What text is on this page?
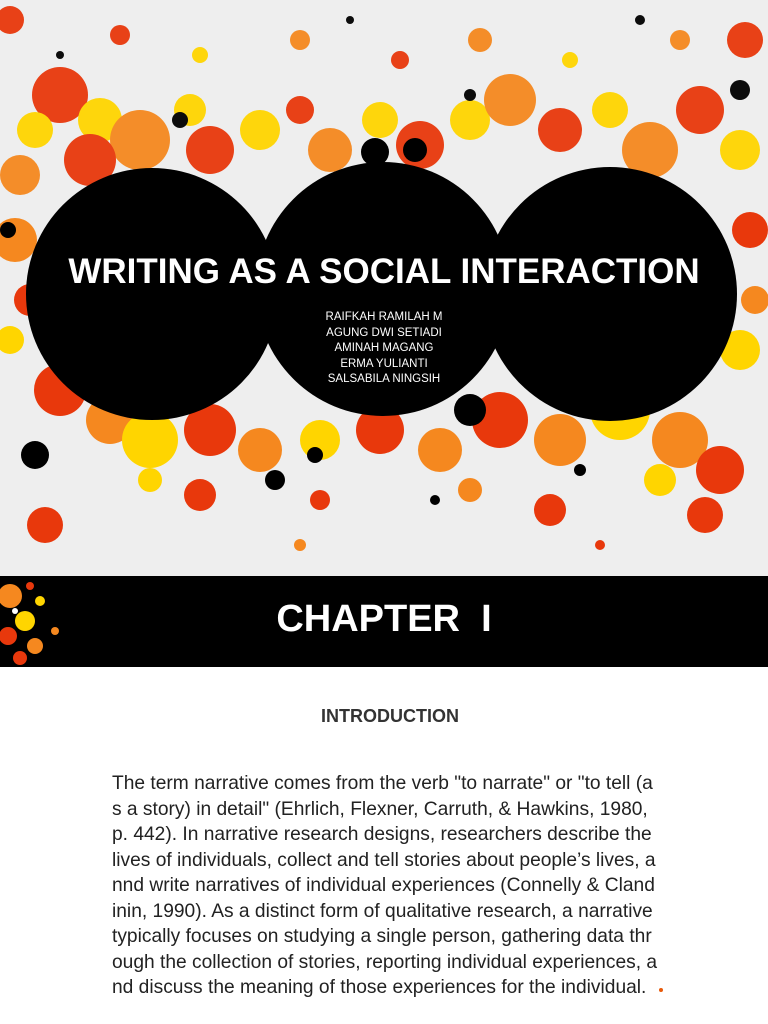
WRITING AS A SOCIAL INTERACTION
RAIFKAH RAMILAH M
AGUNG DWI SETIADI
AMINAH MAGANG
ERMA YULIANTI
SALSABILA NINGSIH
CHAPTER  I
INTRODUCTION
The term narrative comes from the verb "to narrate" or "to tell (a
s a story) in detail" (Ehrlich, Flexner, Carruth, & Hawkins, 1980,
p. 442). In narrative research designs, researchers describe the
lives of individuals, collect and tell stories about people’s lives, a
nnd write narratives of individual experiences (Connelly & Cland
inin, 1990). As a distinct form of qualitative research, a narrative
typically focuses on studying a single person, gathering data thr
ough the collection of stories, reporting individual experiences, a
nd discuss the meaning of those experiences for the individual.
